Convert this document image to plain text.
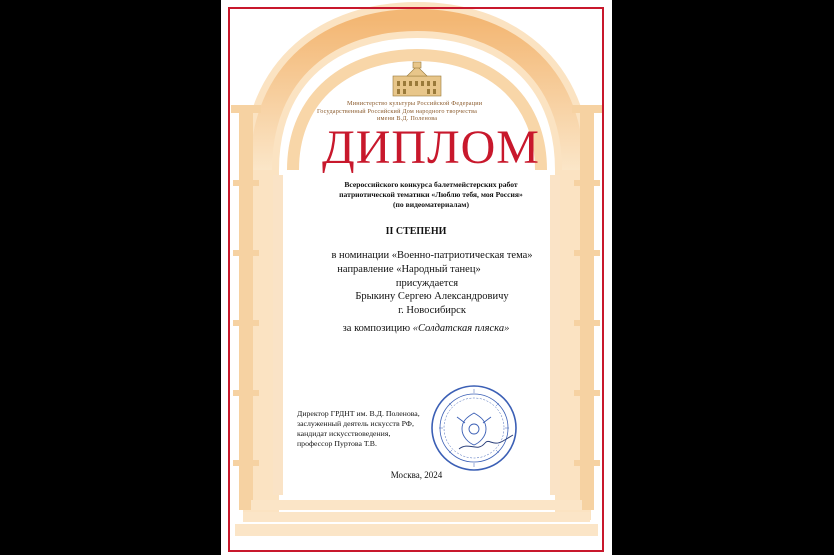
Министерство культуры Российской Федерации
Государственный Российский Дом народного творчества
имени В.Д. Поленова
ДИПЛОМ
Всероссийского конкурса балетмейстерских работ
патриотической тематики «Люблю тебя, моя Россия»
(по видеоматериалам)
II СТЕПЕНИ
в номинации «Военно-патриотическая тема»
направление «Народный танец»
присуждается
Брыкину Сергею Александровичу
г. Новосибирск
за композицию «Солдатская пляска»
Директор ГРДНТ им. В.Д. Поленова,
заслуженный деятель искусств РФ,
кандидат искусствоведения,
профессор Пуртова Т.В.
Москва, 2024
